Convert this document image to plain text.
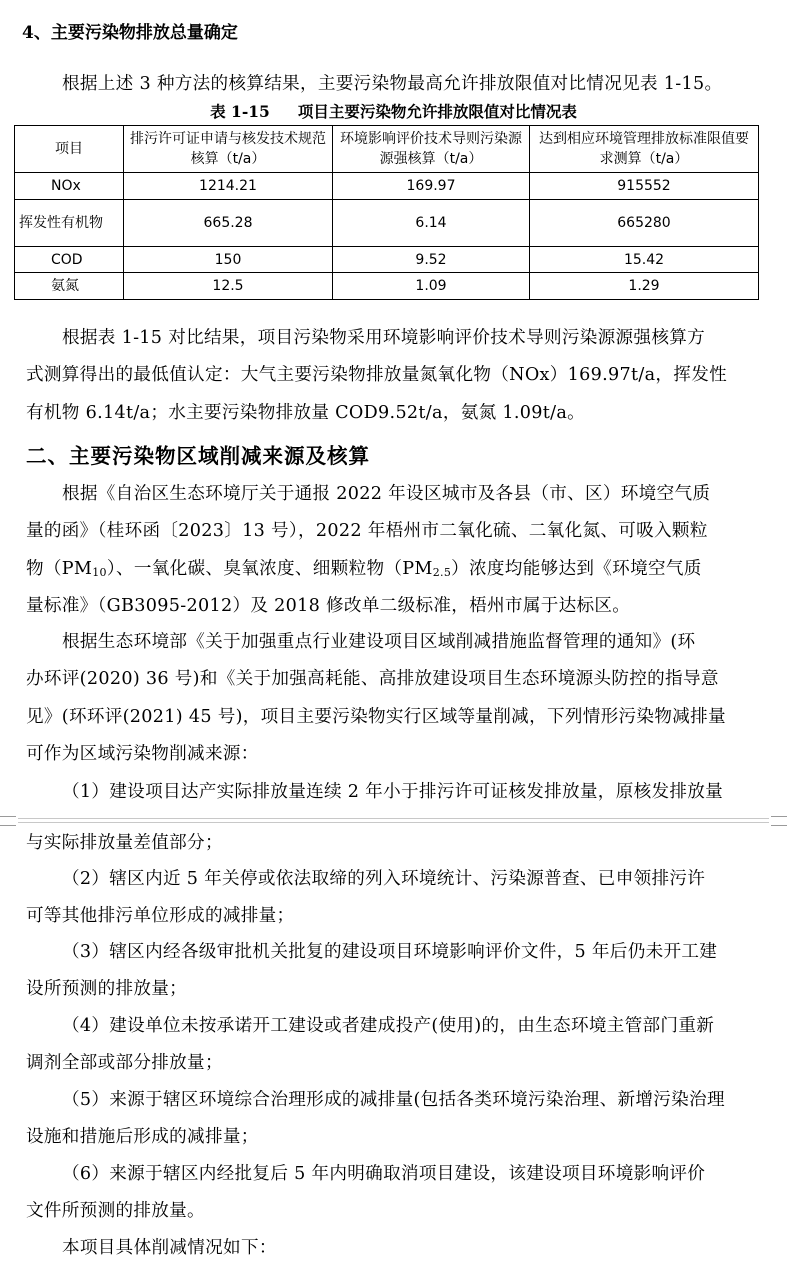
4、主要污染物排放总量确定
根据上述 3 种方法的核算结果，主要污染物最高允许排放限值对比情况见表 1-15。
表 1-15 项目主要污染物允许排放限值对比情况表
项目	排污许可证申请与核发技术规范核算（t/a）	环境影响评价技术导则污染源源强核算（t/a）	达到相应环境管理排放标准限值要求测算（t/a）
NOx	1214.21	169.97	915552
挥发性有机物	665.28	6.14	665280
COD	150	9.52	15.42
氨氮	12.5	1.09	1.29
根据表 1-15 对比结果，项目污染物采用环境影响评价技术导则污染源源强核算方
式测算得出的最低值认定：大气主要污染物排放量氮氧化物（NOx）169.97t/a，挥发性
有机物 6.14t/a；水主要污染物排放量 COD9.52t/a，氨氮 1.09t/a。
二、主要污染物区域削减来源及核算
根据《自治区生态环境厅关于通报 2022 年设区城市及各县（市、区）环境空气质
量的函》（桂环函〔2023〕13 号），2022 年梧州市二氧化硫、二氧化氮、可吸入颗粒
物（PM10）、一氧化碳、臭氧浓度、细颗粒物（PM2.5）浓度均能够达到《环境空气质
量标准》（GB3095-2012）及 2018 修改单二级标准，梧州市属于达标区。
根据生态环境部《关于加强重点行业建设项目区域削减措施监督管理的通知》(环
办环评(2020) 36 号)和《关于加强高耗能、高排放建设项目生态环境源头防控的指导意
见》(环环评(2021) 45 号)，项目主要污染物实行区域等量削减，下列情形污染物减排量
可作为区域污染物削减来源：
（1）建设项目达产实际排放量连续 2 年小于排污许可证核发排放量，原核发排放量
与实际排放量差值部分；
（2）辖区内近 5 年关停或依法取缔的列入环境统计、污染源普查、已申领排污许
可等其他排污单位形成的减排量；
（3）辖区内经各级审批机关批复的建设项目环境影响评价文件，5 年后仍未开工建
设所预测的排放量；
（4）建设单位未按承诺开工建设或者建成投产(使用)的，由生态环境主管部门重新
调剂全部或部分排放量；
（5）来源于辖区环境综合治理形成的减排量(包括各类环境污染治理、新增污染治理
设施和措施后形成的减排量；
（6）来源于辖区内经批复后 5 年内明确取消项目建设，该建设项目环境影响评价
文件所预测的排放量。
本项目具体削减情况如下：
